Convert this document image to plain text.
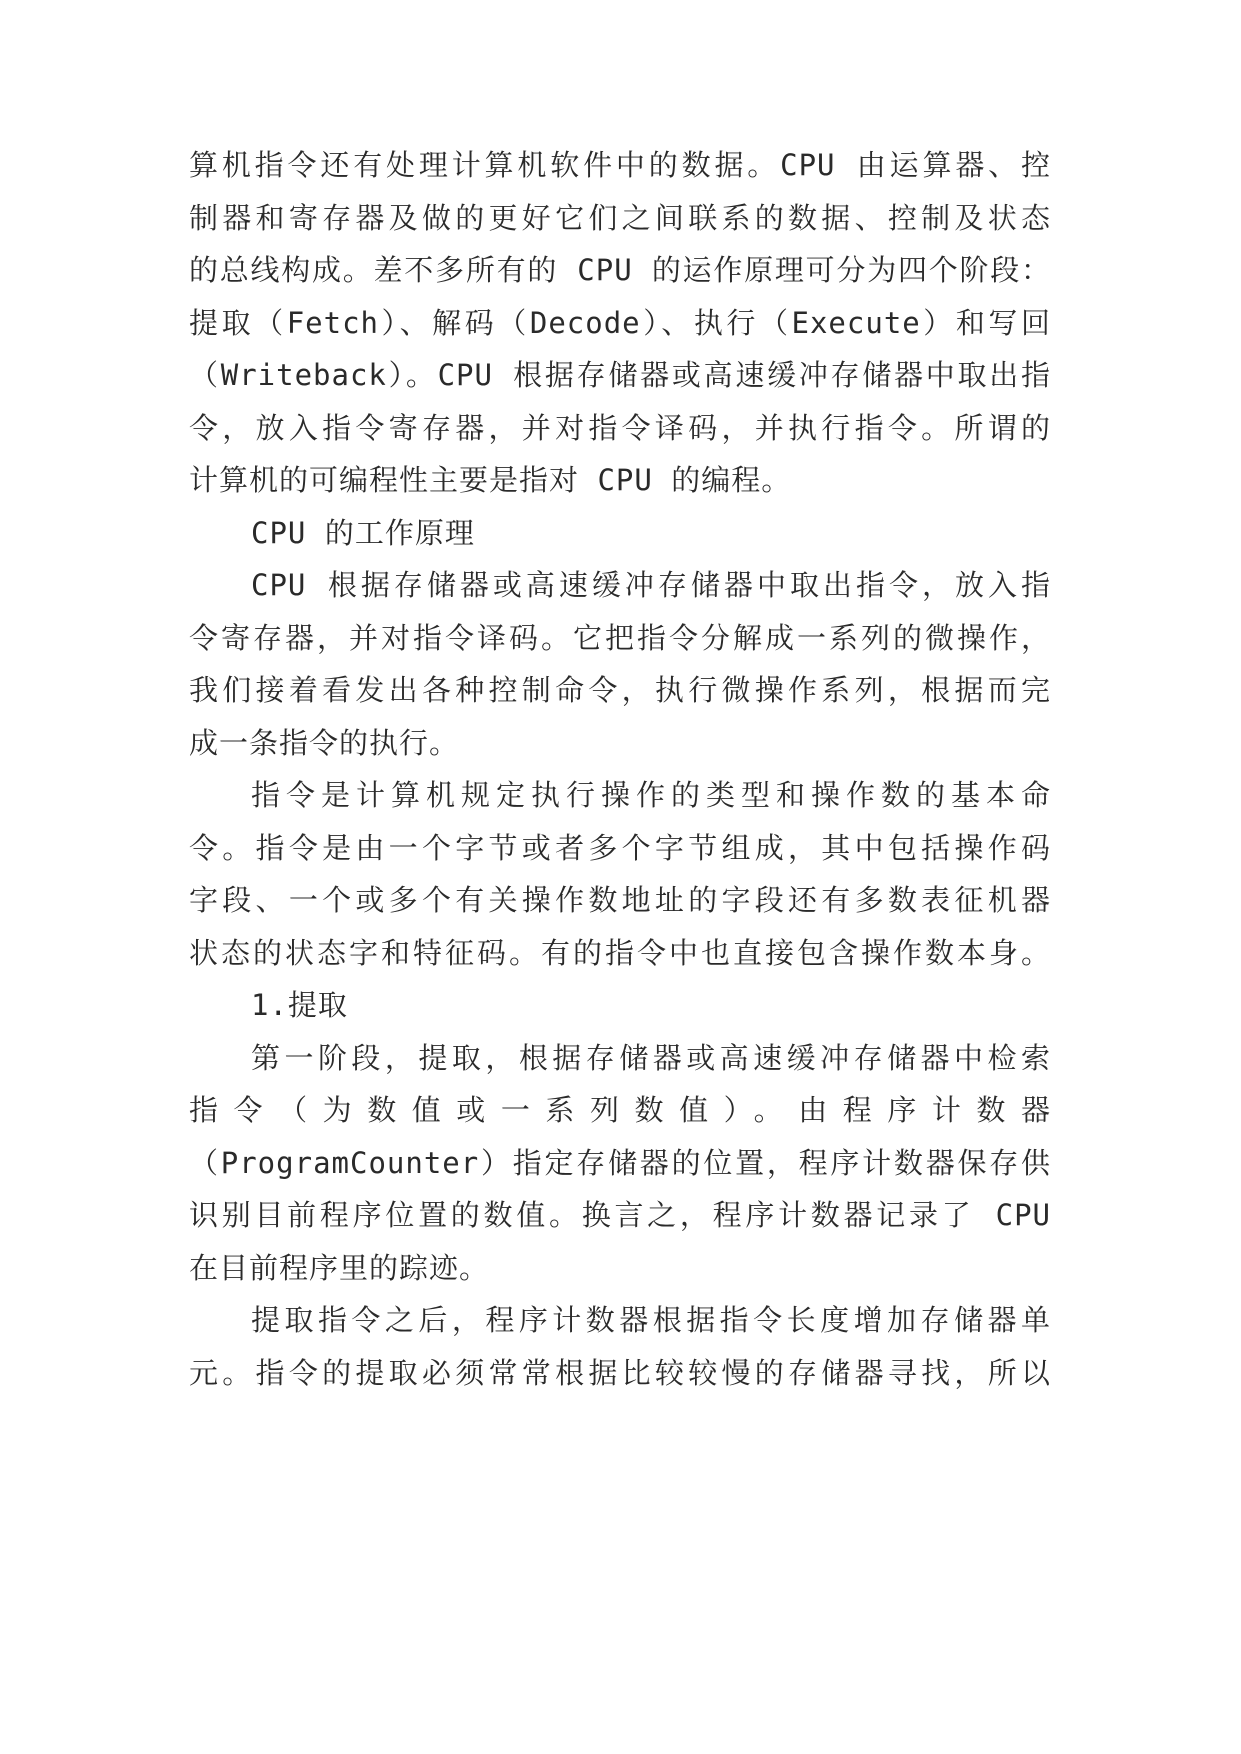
算机指令还有处理计算机软件中的数据。CPU 由运算器、控

制器和寄存器及做的更好它们之间联系的数据、控制及状态

的总线构成。差不多所有的 CPU 的运作原理可分为四个阶段：

提取（Fetch）、解码（Decode）、执行（Execute）和写回

（Writeback）。CPU 根据存储器或高速缓冲存储器中取出指

令，放入指令寄存器，并对指令译码，并执行指令。所谓的

计算机的可编程性主要是指对 CPU 的编程。

CPU 的工作原理

CPU 根据存储器或高速缓冲存储器中取出指令，放入指

令寄存器，并对指令译码。它把指令分解成一系列的微操作，

我们接着看发出各种控制命令，执行微操作系列，根据而完

成一条指令的执行。

指令是计算机规定执行操作的类型和操作数的基本命

令。指令是由一个字节或者多个字节组成，其中包括操作码

字段、一个或多个有关操作数地址的字段还有多数表征机器

状态的状态字和特征码。有的指令中也直接包含操作数本身。

1.提取

第一阶段，提取，根据存储器或高速缓冲存储器中检索

指令（为数值或一系列数值）。由程序计数器

（ProgramCounter）指定存储器的位置，程序计数器保存供

识别目前程序位置的数值。换言之，程序计数器记录了 CPU

在目前程序里的踪迹。

提取指令之后，程序计数器根据指令长度增加存储器单

元。指令的提取必须常常根据比较较慢的存储器寻找，所以
